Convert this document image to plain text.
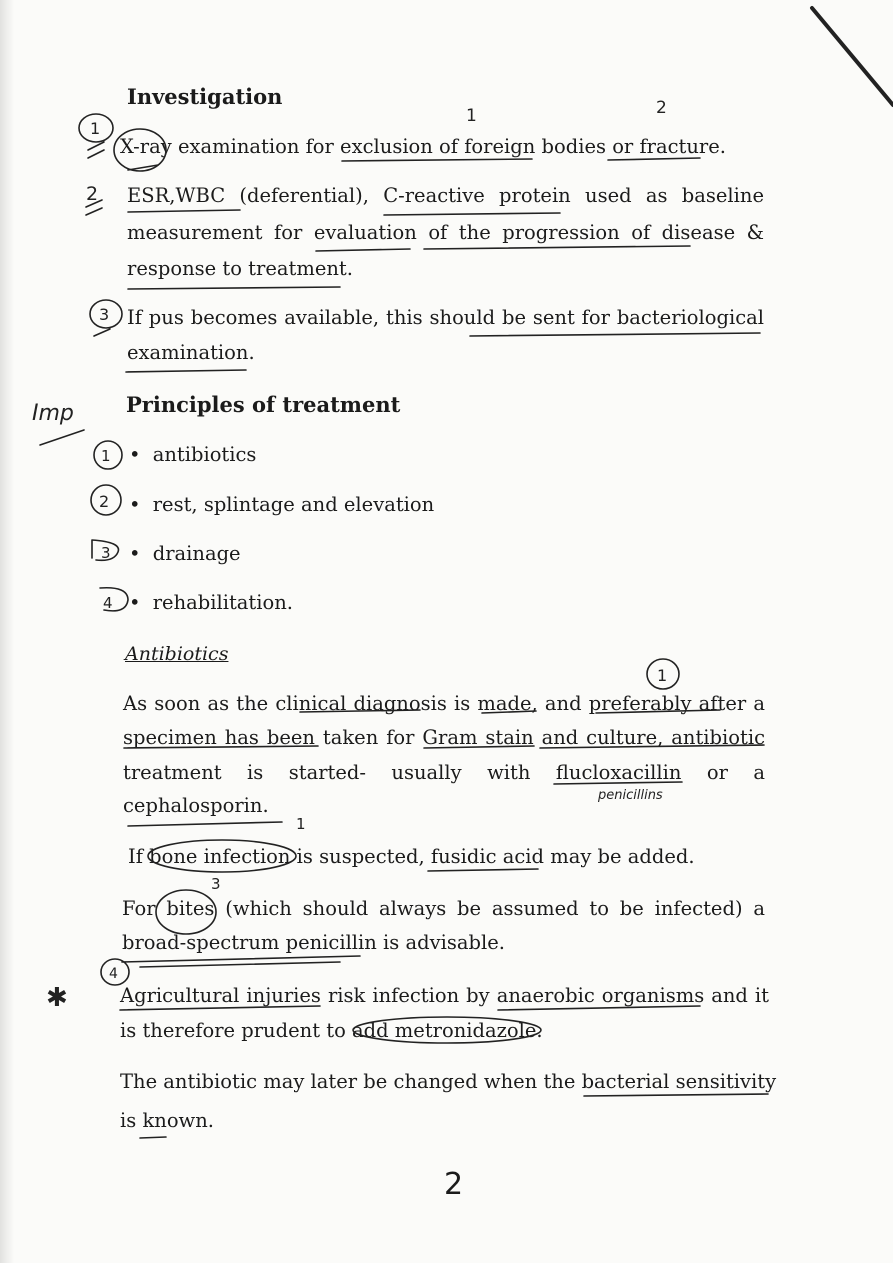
Investigation
X-ray examination for exclusion of foreign bodies or fracture.
ESR,WBC (deferential), C-reactive protein used as baseline
measurement for evaluation of the progression of disease &
response to treatment.
If pus becomes available, this should be sent for bacteriological
examination.
Principles of treatment
• antibiotics
• rest, splintage and elevation
• drainage
• rehabilitation.
Antibiotics
As soon as the clinical diagnosis is made, and preferably after a
specimen has been taken for Gram stain and culture, antibiotic
treatment is started- usually with flucloxacillin or a
cephalosporin.
If bone infection is suspected, fusidic acid may be added.
For bites (which should always be assumed to be infected) a
broad-spectrum penicillin is advisable.
Agricultural injuries risk infection by anaerobic organisms and it
is therefore prudent to add metronidazole.
The antibiotic may later be changed when the bacterial sensitivity
is known.
2
1	2
1
2
3
Imp
1
2
3
4
1
penicillins
1
3
4
✱
